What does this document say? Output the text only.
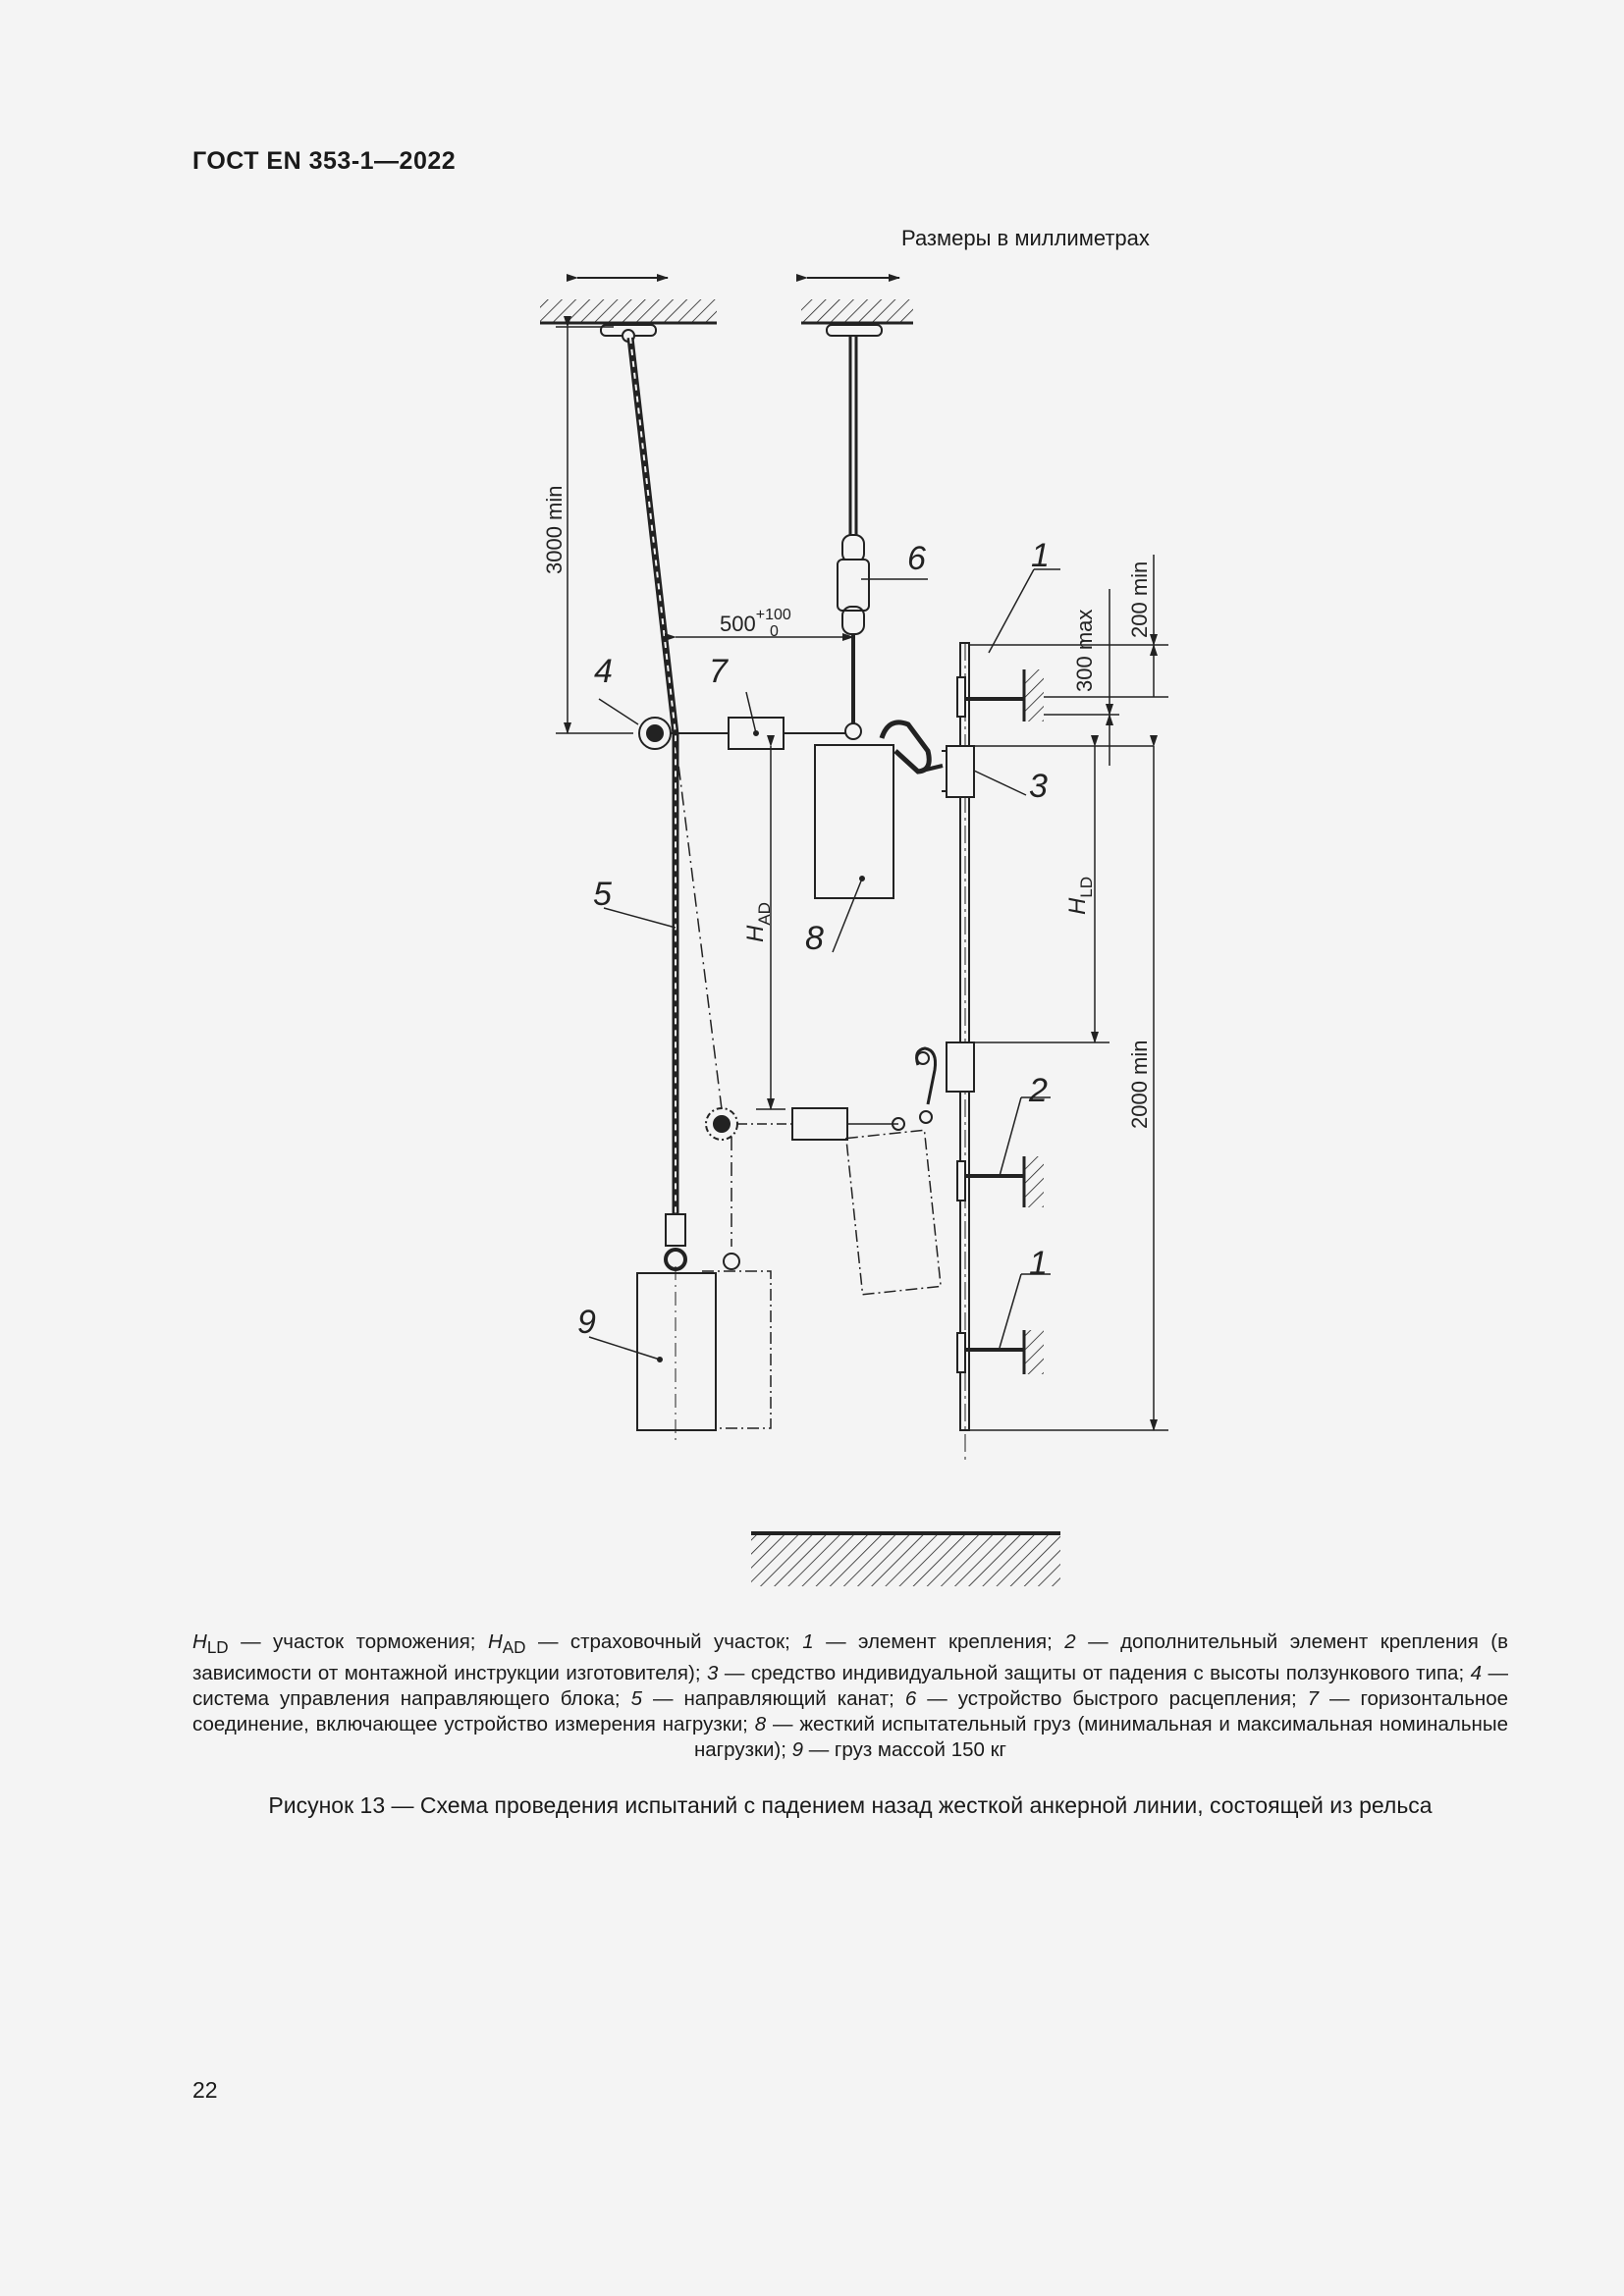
ГОСТ EN 353-1—2022
Размеры в миллиметрах
1
2
3
4
5
6
7
8
1
9
3000 min
$500^{+100}$
0	200 min
300 max
2000 min
$H_{AD}$	$H_{LD}$
$H_{LD}$ — участок торможения; $H_{AD}$ — страховочный участок; 1 — элемент крепления; 2 — дополнительный элемент крепления (в зависимости от монтажной инструкции изготовителя); 3 — средство индивидуальной защиты от падения с высоты ползункового типа; 4 — система управления направляющего блока; 5 — направляющий канат; 6 — устройство быстрого расцепления; 7 — горизонтальное соединение, включающее устройство измерения нагрузки; 8 — жесткий испытательный груз (минимальная и максимальная номинальные нагрузки); 9 — груз массой 150 кг
Рисунок 13 — Схема проведения испытаний с падением назад жесткой анкерной линии, состоящей из рельса
22
